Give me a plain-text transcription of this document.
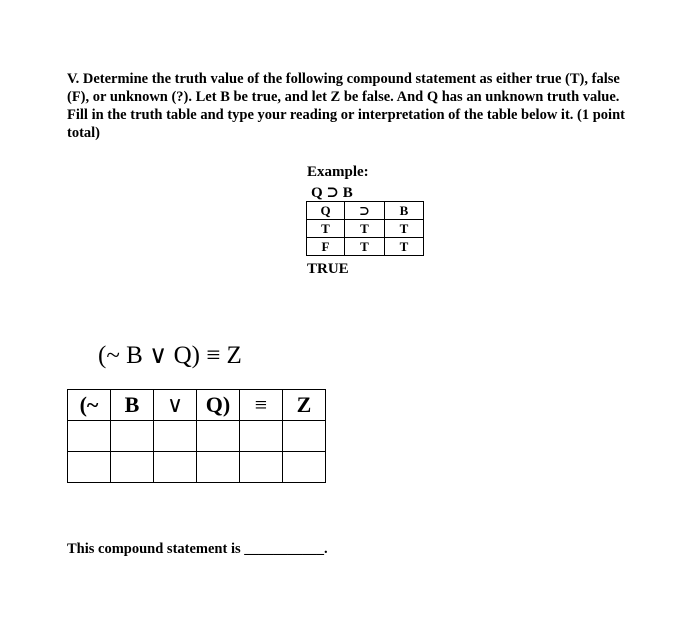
V. Determine the truth value of the following compound statement as either true (T), false
(F), or unknown (?). Let B be true, and let Z be false. And Q has an unknown truth value.
Fill in the truth table and type your reading or interpretation of the table below it. (1 point
total)
Example:
Q ⊃ B
Q	⊃	B
T	T	T
F	T	T
TRUE
(~ B ∨ Q) ≡ Z
(~	B	∨	Q)	≡	Z

This compound statement is ___________.
